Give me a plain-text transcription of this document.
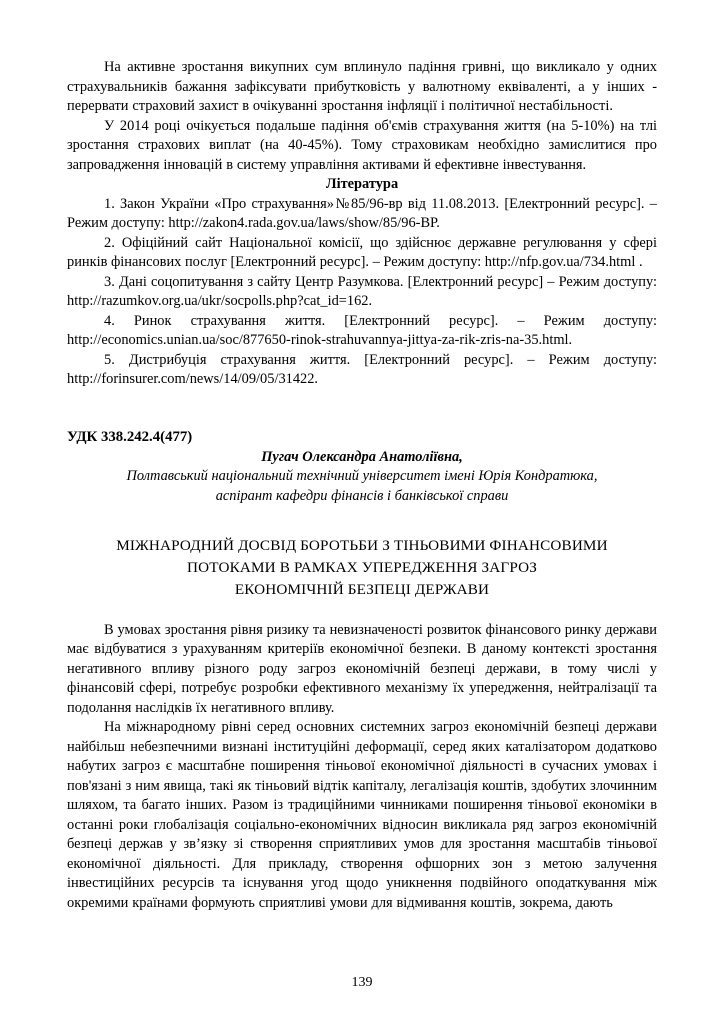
На активне зростання викупних сум вплинуло падіння гривні, що викликало у одних страхувальників бажання зафіксувати прибутковість у валютному еквіваленті, а у інших - перервати страховий захист в очікуванні зростання інфляції і політичної нестабільності.

У 2014 році очікується подальше падіння об'ємів страхування життя (на 5-10%) на тлі зростання страхових виплат (на 40-45%). Тому страховикам необхідно замислитися про запровадження інновацій в систему управління активами й ефективне інвестування.

Література

1. Закон України «Про страхування»№85/96-вр від 11.08.2013. [Електронний ресурс]. – Режим доступу: http://zakon4.rada.gov.ua/laws/show/85/96-ВР.

2. Офіційний сайт Національної комісії, що здійснює державне регулювання у сфері ринків фінансових послуг [Електронний ресурс]. – Режим доступу: http://nfp.gov.ua/734.html .

3. Дані соцопитування з сайту Центр Разумкова. [Електронний ресурс] – Режим доступу: http://razumkov.org.ua/ukr/socpolls.php?cat_id=162.

4. Ринок страхування життя. [Електронний ресурс]. – Режим доступу: http://economics.unian.ua/soc/877650-rinok-strahuvannya-jittya-za-rik-zris-na-35.html.

5. Дистрибуція страхування життя. [Електронний ресурс]. – Режим доступу: http://forinsurer.com/news/14/09/05/31422.

УДК 338.242.4(477)

Пугач Олександра Анатоліївна,

Полтавський національний технічний університет імені Юрія Кондратюка,

аспірант кафедри фінансів і банківської справи

МІЖНАРОДНИЙ ДОСВІД БОРОТЬБИ З ТІНЬОВИМИ ФІНАНСОВИМИ

ПОТОКАМИ В РАМКАХ УПЕРЕДЖЕННЯ ЗАГРОЗ

ЕКОНОМІЧНІЙ БЕЗПЕЦІ ДЕРЖАВИ

В умовах зростання рівня ризику та невизначеності розвиток фінансового ринку держави має відбуватися з урахуванням критеріїв економічної безпеки. В даному контексті зростання негативного впливу різного роду загроз економічній безпеці держави, в тому числі у фінансовій сфері, потребує розробки ефективного механізму їх упередження, нейтралізації та подолання наслідків їх негативного впливу.

На міжнародному рівні серед основних системних загроз економічній безпеці держави найбільш небезпечними визнані інституційні деформації, серед яких каталізатором додатково набутих загроз є масштабне поширення тіньової економічної діяльності в сучасних умовах і пов'язані з ним явища, такі як тіньовий відтік капіталу, легалізація коштів, здобутих злочинним шляхом, та багато інших. Разом із традиційними чинниками поширення тіньової економіки в останні роки глобалізація соціально-економічних відносин викликала ряд загроз економічній безпеці держав у зв’язку зі створення сприятливих умов для зростання масштабів тіньової економічної діяльності. Для прикладу, створення офшорних зон з метою залучення інвестиційних ресурсів та існування угод щодо уникнення подвійного оподаткування між окремими країнами формують сприятливі умови для відмивання коштів, зокрема, дають

139
